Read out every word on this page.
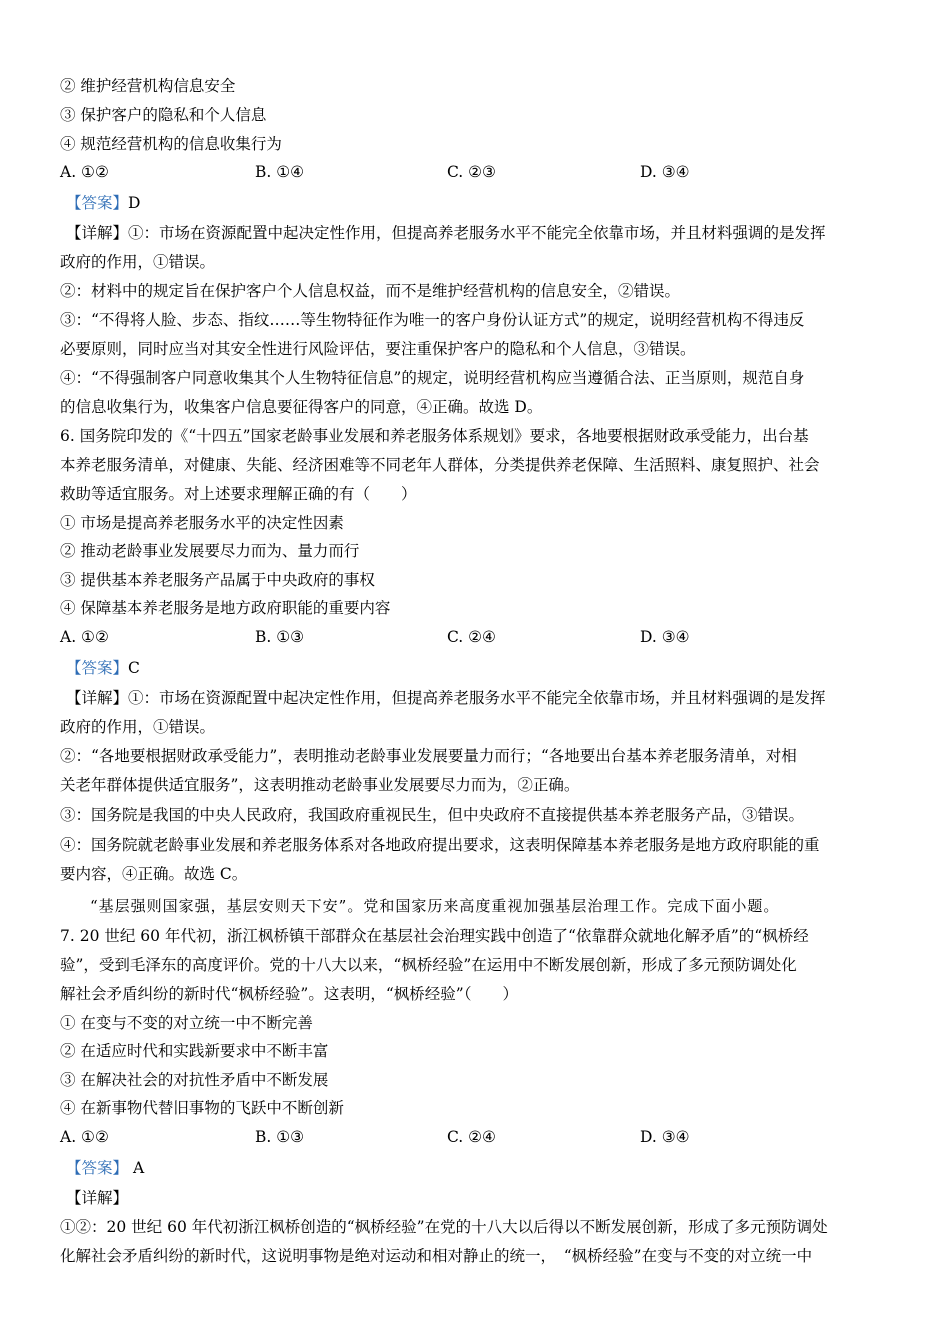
② 维护经营机构信息安全
③ 保护客户的隐私和个人信息
④ 规范经营机构的信息收集行为
A. ①②	B. ①④	C. ②③	D. ③④
【答案】D
【详解】①：市场在资源配置中起决定性作用，但提高养老服务水平不能完全依靠市场，并且材料强调的是发挥
政府的作用，①错误。
②：材料中的规定旨在保护客户个人信息权益，而不是维护经营机构的信息安全，②错误。
③：“不得将人脸、步态、指纹……等生物特征作为唯一的客户身份认证方式”的规定，说明经营机构不得违反
必要原则，同时应当对其安全性进行风险评估，要注重保护客户的隐私和个人信息，③错误。
④：“不得强制客户同意收集其个人生物特征信息”的规定，说明经营机构应当遵循合法、正当原则，规范自身
的信息收集行为，收集客户信息要征得客户的同意，④正确。故选 D。
6. 国务院印发的《“十四五”国家老龄事业发展和养老服务体系规划》要求，各地要根据财政承受能力，出台基
本养老服务清单，对健康、失能、经济困难等不同老年人群体，分类提供养老保障、生活照料、康复照护、社会
救助等适宜服务。对上述要求理解正确的有（　　）
① 市场是提高养老服务水平的决定性因素
② 推动老龄事业发展要尽力而为、量力而行
③ 提供基本养老服务产品属于中央政府的事权
④ 保障基本养老服务是地方政府职能的重要内容
A. ①②	B. ①③	C. ②④	D. ③④
【答案】C
【详解】①：市场在资源配置中起决定性作用，但提高养老服务水平不能完全依靠市场，并且材料强调的是发挥
政府的作用，①错误。
②：“各地要根据财政承受能力”，表明推动老龄事业发展要量力而行；“各地要出台基本养老服务清单，对相
关老年群体提供适宜服务”，这表明推动老龄事业发展要尽力而为，②正确。
③：国务院是我国的中央人民政府，我国政府重视民生，但中央政府不直接提供基本养老服务产品，③错误。
④：国务院就老龄事业发展和养老服务体系对各地政府提出要求，这表明保障基本养老服务是地方政府职能的重
要内容，④正确。故选 C。
“基层强则国家强，基层安则天下安”。党和国家历来高度重视加强基层治理工作。完成下面小题。
7. 20 世纪 60 年代初，浙江枫桥镇干部群众在基层社会治理实践中创造了“依靠群众就地化解矛盾”的“枫桥经
验”，受到毛泽东的高度评价。党的十八大以来，“枫桥经验”在运用中不断发展创新，形成了多元预防调处化
解社会矛盾纠纷的新时代“枫桥经验”。这表明，“枫桥经验”（　　）
① 在变与不变的对立统一中不断完善
② 在适应时代和实践新要求中不断丰富
③ 在解决社会的对抗性矛盾中不断发展
④ 在新事物代替旧事物的飞跃中不断创新
A. ①②	B. ①③	C. ②④	D. ③④
【答案】 A
【详解】
①②：20 世纪 60 年代初浙江枫桥创造的“枫桥经验”在党的十八大以后得以不断发展创新，形成了多元预防调处
化解社会矛盾纠纷的新时代，这说明事物是绝对运动和相对静止的统一，　“枫桥经验”在变与不变的对立统一中
